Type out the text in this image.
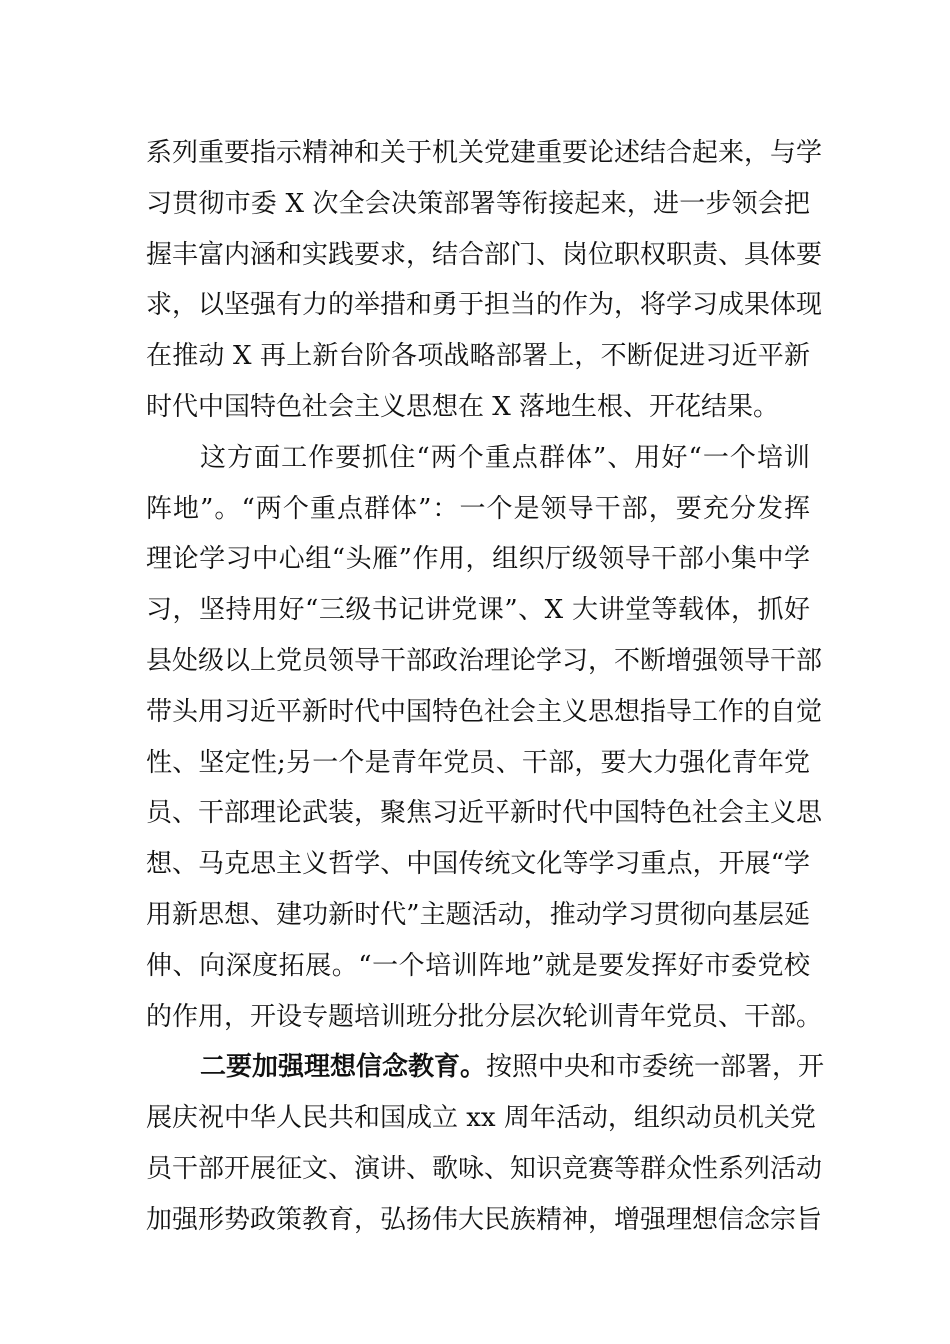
系列重要指示精神和关于机关党建重要论述结合起来，与学
习贯彻市委 X 次全会决策部署等衔接起来，进一步领会把
握丰富内涵和实践要求，结合部门、岗位职权职责、具体要
求，以坚强有力的举措和勇于担当的作为，将学习成果体现
在推动 X 再上新台阶各项战略部署上，不断促进习近平新
时代中国特色社会主义思想在 X 落地生根、开花结果。
这方面工作要抓住“两个重点群体”、用好“一个培训
阵地”。“两个重点群体”：一个是领导干部，要充分发挥
理论学习中心组“头雁”作用，组织厅级领导干部小集中学
习，坚持用好“三级书记讲党课”、X 大讲堂等载体，抓好
县处级以上党员领导干部政治理论学习，不断增强领导干部
带头用习近平新时代中国特色社会主义思想指导工作的自觉
性、坚定性;另一个是青年党员、干部，要大力强化青年党
员、干部理论武装，聚焦习近平新时代中国特色社会主义思
想、马克思主义哲学、中国传统文化等学习重点，开展“学
用新思想、建功新时代”主题活动，推动学习贯彻向基层延
伸、向深度拓展。“一个培训阵地”就是要发挥好市委党校
的作用，开设专题培训班分批分层次轮训青年党员、干部。
二要加强理想信念教育。按照中央和市委统一部署，开
展庆祝中华人民共和国成立 xx 周年活动，组织动员机关党
员干部开展征文、演讲、歌咏、知识竞赛等群众性系列活动
加强形势政策教育，弘扬伟大民族精神，增强理想信念宗旨
